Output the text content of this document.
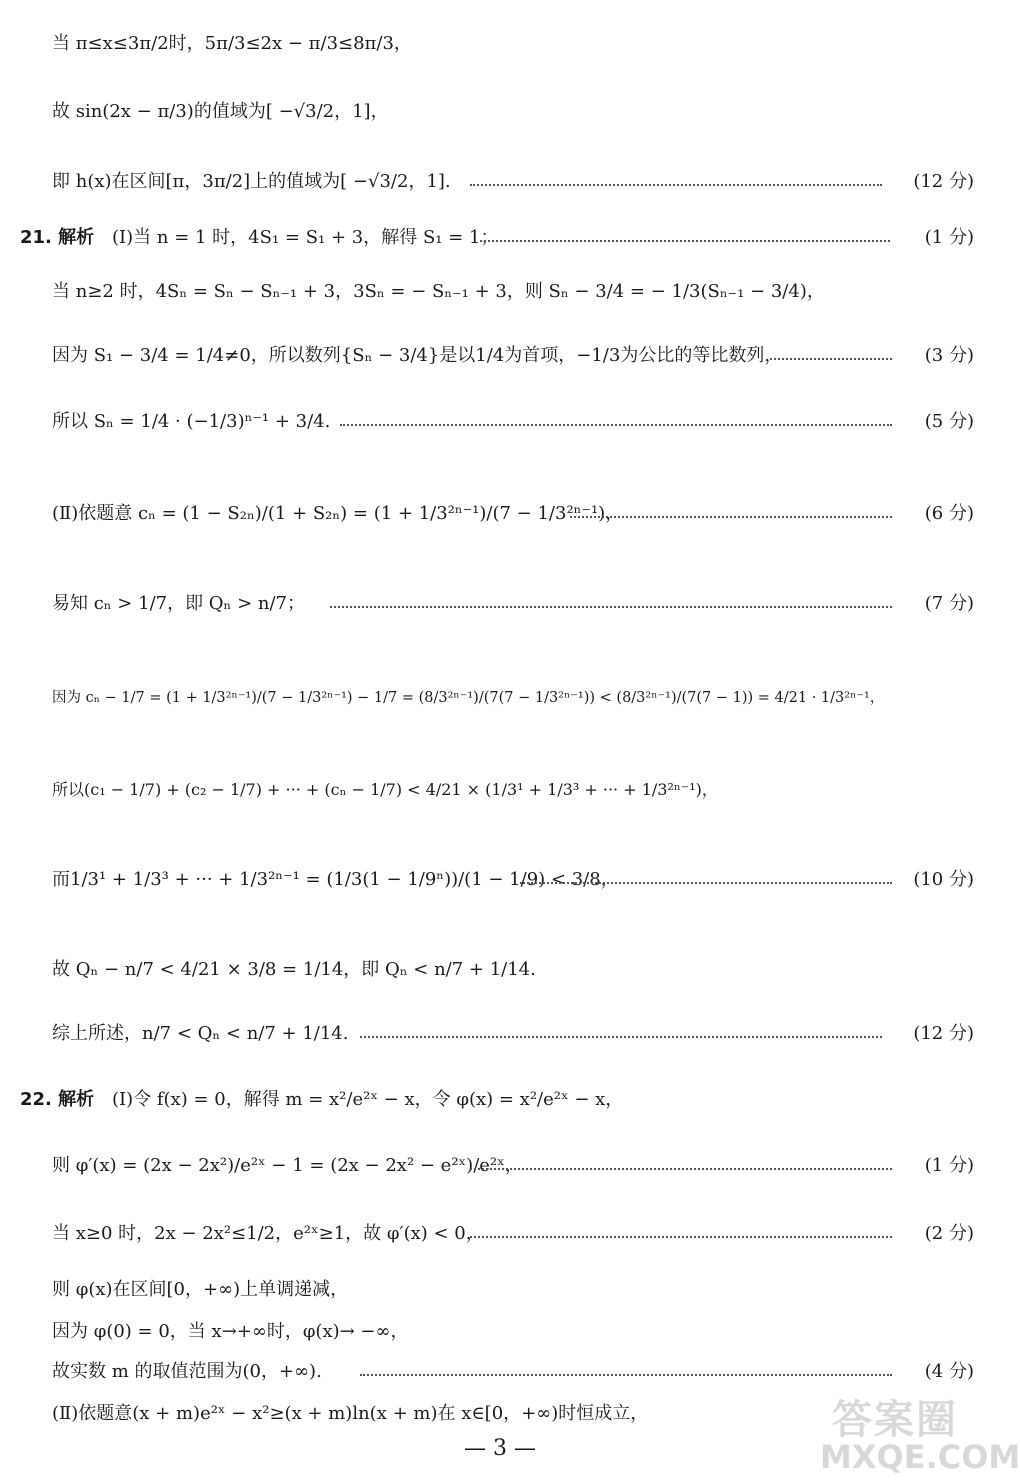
当 π≤x≤3π/2时，5π/3≤2x − π/3≤8π/3，
故 sin(2x − π/3)的值域为[ −√3/2，1]，
即 h(x)在区间[π，3π/2]上的值域为[ −√3/2，1].	(12 分)
21. 解析 (Ⅰ)当 n = 1 时，4S₁ = S₁ + 3，解得 S₁ = 1；	(1 分)
当 n≥2 时，4Sₙ = Sₙ − Sₙ₋₁ + 3，3Sₙ = − Sₙ₋₁ + 3，则 Sₙ − 3/4 = − 1/3(Sₙ₋₁ − 3/4)，
因为 S₁ − 3/4 = 1/4≠0，所以数列{Sₙ − 3/4}是以1/4为首项，−1/3为公比的等比数列，	(3 分)
所以 Sₙ = 1/4 · (−1/3)ⁿ⁻¹ + 3/4.	(5 分)
(Ⅱ)依题意 cₙ = (1 − S₂ₙ)/(1 + S₂ₙ) = (1 + 1/3²ⁿ⁻¹)/(7 − 1/3²ⁿ⁻¹)，	(6 分)
易知 cₙ > 1/7，即 Qₙ > n/7；	(7 分)
因为 cₙ − 1/7 = (1 + 1/3²ⁿ⁻¹)/(7 − 1/3²ⁿ⁻¹) − 1/7 = (8/3²ⁿ⁻¹)/(7(7 − 1/3²ⁿ⁻¹)) < (8/3²ⁿ⁻¹)/(7(7 − 1)) = 4/21 · 1/3²ⁿ⁻¹，
所以(c₁ − 1/7) + (c₂ − 1/7) + ··· + (cₙ − 1/7) < 4/21 × (1/3¹ + 1/3³ + ··· + 1/3²ⁿ⁻¹)，
而1/3¹ + 1/3³ + ··· + 1/3²ⁿ⁻¹ = (1/3(1 − 1/9ⁿ))/(1 − 1/9) < 3/8，	(10 分)
故 Qₙ − n/7 < 4/21 × 3/8 = 1/14，即 Qₙ < n/7 + 1/14.
综上所述，n/7 < Qₙ < n/7 + 1/14.	(12 分)
22. 解析 (Ⅰ)令 f(x) = 0，解得 m = x²/e²ˣ − x，令 φ(x) = x²/e²ˣ − x，
则 φ′(x) = (2x − 2x²)/e²ˣ − 1 = (2x − 2x² − e²ˣ)/e²ˣ，	(1 分)
当 x≥0 时，2x − 2x²≤1/2，e²ˣ≥1，故 φ′(x) < 0，	(2 分)
则 φ(x)在区间[0，+∞)上单调递减，
因为 φ(0) = 0，当 x→+∞时，φ(x)→ −∞，
故实数 m 的取值范围为(0，+∞).	(4 分)
(Ⅱ)依题意(x + m)e²ˣ − x²≥(x + m)ln(x + m)在 x∈[0，+∞)时恒成立，
— 3 —
答案圈
MXQE.COM
